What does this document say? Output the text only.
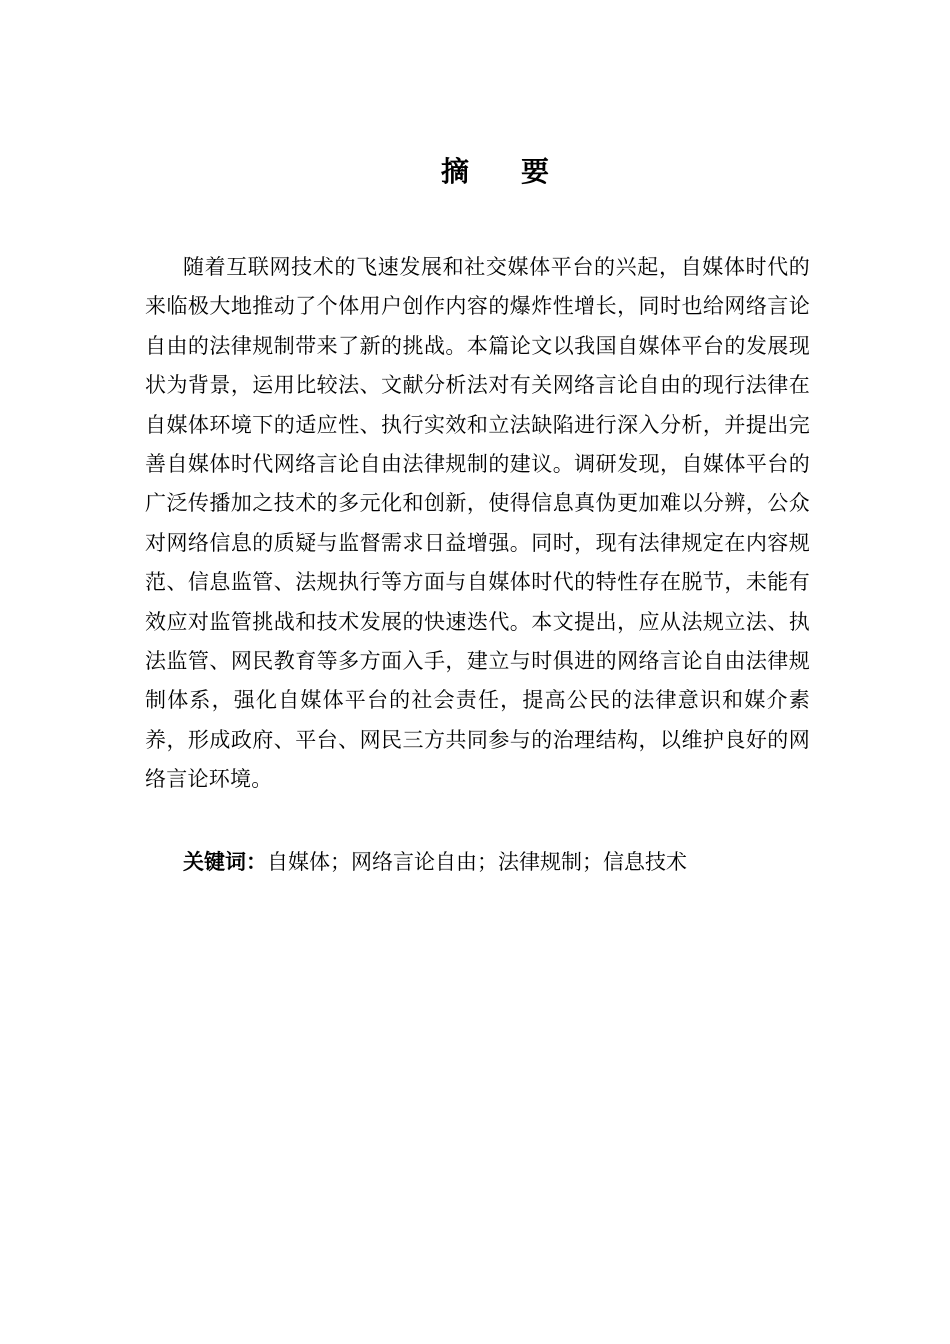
摘 要

随着互联网技术的飞速发展和社交媒体平台的兴起，自媒体时代的来临极大地推动了个体用户创作内容的爆炸性增长，同时也给网络言论自由的法律规制带来了新的挑战。本篇论文以我国自媒体平台的发展现状为背景，运用比较法、文献分析法对有关网络言论自由的现行法律在自媒体环境下的适应性、执行实效和立法缺陷进行深入分析，并提出完善自媒体时代网络言论自由法律规制的建议。调研发现，自媒体平台的广泛传播加之技术的多元化和创新，使得信息真伪更加难以分辨，公众对网络信息的质疑与监督需求日益增强。同时，现有法律规定在内容规范、信息监管、法规执行等方面与自媒体时代的特性存在脱节，未能有效应对监管挑战和技术发展的快速迭代。本文提出，应从法规立法、执法监管、网民教育等多方面入手，建立与时俱进的网络言论自由法律规制体系，强化自媒体平台的社会责任，提高公民的法律意识和媒介素养，形成政府、平台、网民三方共同参与的治理结构，以维护良好的网络言论环境。

关键词：自媒体；网络言论自由；法律规制；信息技术
